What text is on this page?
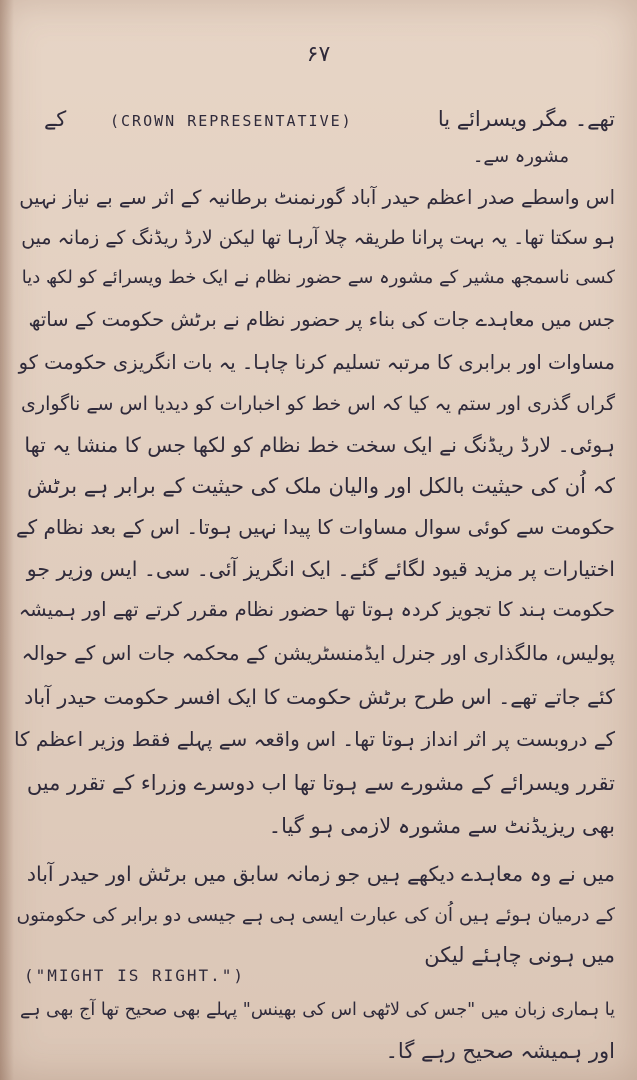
۶۷
کے	(CROWN REPRESENTATIVE)	تھے۔ مگر ویسرائے یا
مشورہ سے۔
اس واسطے صدر اعظم حیدر آباد گورنمنٹ برطانیہ کے اثر سے بے نیاز نہیں
ہو سکتا تھا۔ یہ بہت پرانا طریقہ چلا آرہا تھا لیکن لارڈ ریڈنگ کے زمانہ میں
کسی ناسمجھ مشیر کے مشورہ سے حضور نظام نے ایک خط ویسرائے کو لکھ دیا
جس میں معاہدے جات کی بناء پر حضور نظام نے برٹش حکومت کے ساتھ
مساوات اور برابری کا مرتبہ تسلیم کرنا چاہا۔ یہ بات انگریزی حکومت کو
گراں گذری اور ستم یہ کیا کہ اس خط کو اخبارات کو دیدیا اس سے ناگواری
ہوئی۔ لارڈ ریڈنگ نے ایک سخت خط نظام کو لکھا جس کا منشا یہ تھا
کہ اُن کی حیثیت بالکل اور والیان ملک کی حیثیت کے برابر ہے برٹش
حکومت سے کوئی سوال مساوات کا پیدا نہیں ہوتا۔ اس کے بعد نظام کے
اختیارات پر مزید قیود لگائے گئے۔ ایک انگریز آئی۔ سی۔ ایس وزیر جو
حکومت ہند کا تجویز کردہ ہوتا تھا حضور نظام مقرر کرتے تھے اور ہمیشہ
پولیس، مالگذاری اور جنرل ایڈمنسٹریشن کے محکمہ جات اس کے حوالہ
کئے جاتے تھے۔ اس طرح برٹش حکومت کا ایک افسر حکومت حیدر آباد
کے دروبست پر اثر انداز ہوتا تھا۔ اس واقعہ سے پہلے فقط وزیر اعظم کا
تقرر ویسرائے کے مشورے سے ہوتا تھا اب دوسرے وزراء کے تقرر میں
بھی ریزیڈنٹ سے مشورہ لازمی ہو گیا۔
میں نے وہ معاہدے دیکھے ہیں جو زمانہ سابق میں برٹش اور حیدر آباد
کے درمیان ہوئے ہیں اُن کی عبارت ایسی ہی ہے جیسی دو برابر کی حکومتوں
میں ہونی چاہئے لیکن
("MIGHT IS RIGHT.")
یا ہماری زبان میں "جس کی لاٹھی اس کی بھینس" پہلے بھی صحیح تھا آج بھی ہے
اور ہمیشہ صحیح رہے گا۔
